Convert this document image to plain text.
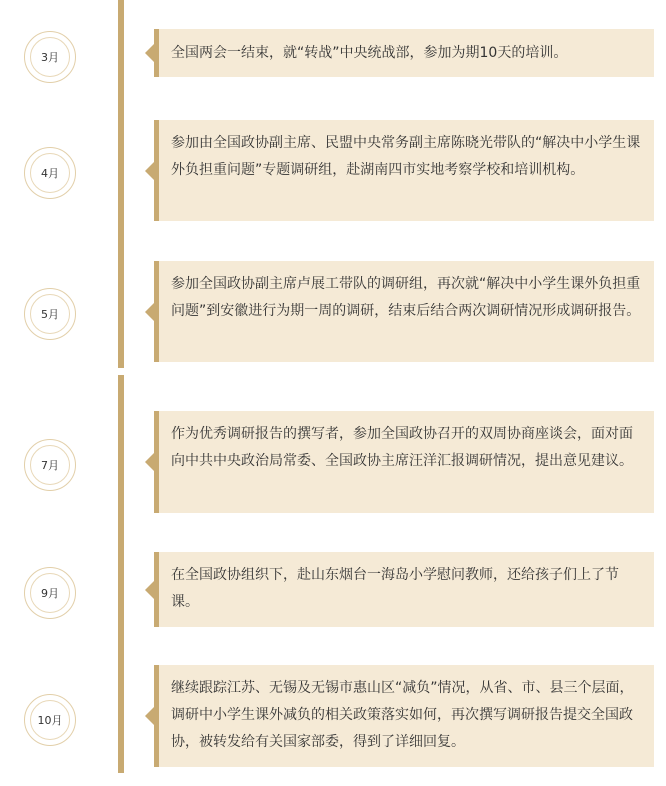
3月	全国两会一结束，就“转战”中央统战部，参加为期10天的培训。
4月
参加由全国政协副主席、民盟中央常务副主席陈晓光带队的“解决中小学生课外负担重问题”专题调研组，赴湖南四市实地考察学校和培训机构。
5月
参加全国政协副主席卢展工带队的调研组，再次就“解决中小学生课外负担重问题”到安徽进行为期一周的调研，结束后结合两次调研情况形成调研报告。
7月
作为优秀调研报告的撰写者，参加全国政协召开的双周协商座谈会，面对面向中共中央政治局常委、全国政协主席汪洋汇报调研情况，提出意见建议。
9月
在全国政协组织下，赴山东烟台一海岛小学慰问教师，还给孩子们上了节课。
10月
继续跟踪江苏、无锡及无锡市惠山区“减负”情况，从省、市、县三个层面，调研中小学生课外减负的相关政策落实如何，再次撰写调研报告提交全国政协，被转发给有关国家部委，得到了详细回复。
